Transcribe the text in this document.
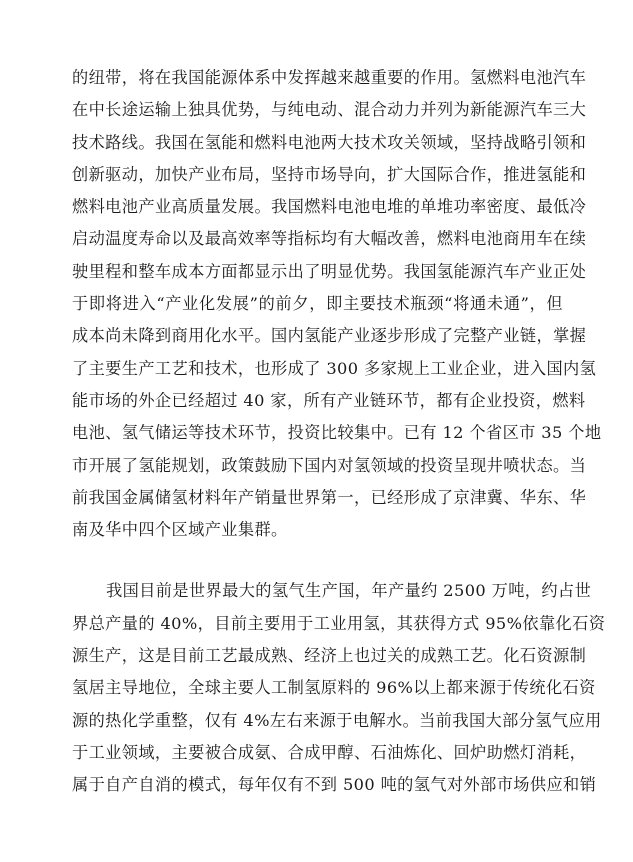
的纽带，将在我国能源体系中发挥越来越重要的作用。氢燃料电池汽车
在中长途运输上独具优势，与纯电动、混合动力并列为新能源汽车三大
技术路线。我国在氢能和燃料电池两大技术攻关领域，坚持战略引领和
创新驱动，加快产业布局，坚持市场导向，扩大国际合作，推进氢能和
燃料电池产业高质量发展。我国燃料电池电堆的单堆功率密度、最低冷
启动温度寿命以及最高效率等指标均有大幅改善，燃料电池商用车在续
驶里程和整车成本方面都显示出了明显优势。我国氢能源汽车产业正处
于即将进入“产业化发展”的前夕，即主要技术瓶颈“将通未通”，但
成本尚未降到商用化水平。国内氢能产业逐步形成了完整产业链，掌握
了主要生产工艺和技术，也形成了 300 多家规上工业企业，进入国内氢
能市场的外企已经超过 40 家，所有产业链环节，都有企业投资，燃料
电池、氢气储运等技术环节，投资比较集中。已有 12 个省区市 35 个地
市开展了氢能规划，政策鼓励下国内对氢领域的投资呈现井喷状态。当
前我国金属储氢材料年产销量世界第一，已经形成了京津冀、华东、华
南及华中四个区域产业集群。
我国目前是世界最大的氢气生产国，年产量约 2500 万吨，约占世
界总产量的 40%，目前主要用于工业用氢，其获得方式 95%依靠化石资
源生产，这是目前工艺最成熟、经济上也过关的成熟工艺。化石资源制
氢居主导地位，全球主要人工制氢原料的 96%以上都来源于传统化石资
源的热化学重整，仅有 4%左右来源于电解水。当前我国大部分氢气应用
于工业领域，主要被合成氨、合成甲醇、石油炼化、回炉助燃灯消耗，
属于自产自消的模式，每年仅有不到 500 吨的氢气对外部市场供应和销
